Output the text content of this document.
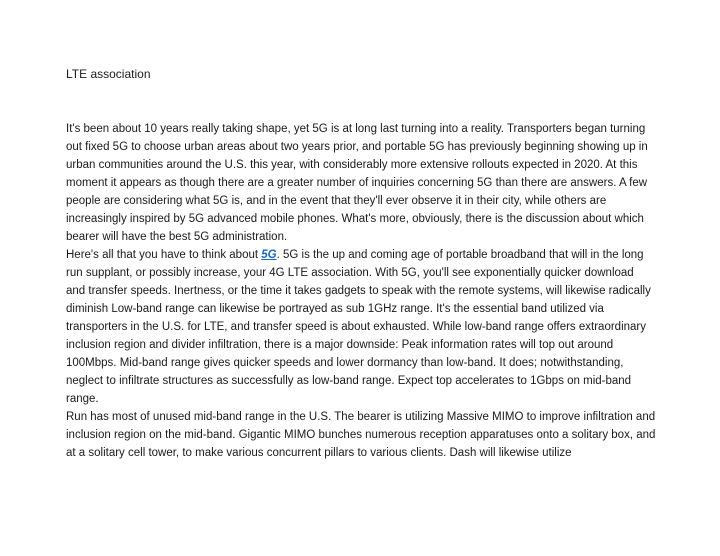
LTE association

It's been about 10 years really taking shape, yet 5G is at long last turning into a reality. Transporters began turning out fixed 5G to choose urban areas about two years prior, and portable 5G has previously beginning showing up in urban communities around the U.S. this year, with considerably more extensive rollouts expected in 2020. At this moment it appears as though there are a greater number of inquiries concerning 5G than there are answers. A few people are considering what 5G is, and in the event that they'll ever observe it in their city, while others are increasingly inspired by 5G advanced mobile phones. What's more, obviously, there is the discussion about which bearer will have the best 5G administration.

Here's all that you have to think about 5G. 5G is the up and coming age of portable broadband that will in the long run supplant, or possibly increase, your 4G LTE association. With 5G, you'll see exponentially quicker download and transfer speeds. Inertness, or the time it takes gadgets to speak with the remote systems, will likewise radically diminish Low-band range can likewise be portrayed as sub 1GHz range. It's the essential band utilized via transporters in the U.S. for LTE, and transfer speed is about exhausted. While low-band range offers extraordinary inclusion region and divider infiltration, there is a major downside: Peak information rates will top out around 100Mbps. Mid-band range gives quicker speeds and lower dormancy than low-band. It does; notwithstanding, neglect to infiltrate structures as successfully as low-band range. Expect top accelerates to 1Gbps on mid-band range.

Run has most of unused mid-band range in the U.S. The bearer is utilizing Massive MIMO to improve infiltration and inclusion region on the mid-band. Gigantic MIMO bunches numerous reception apparatuses onto a solitary box, and at a solitary cell tower, to make various concurrent pillars to various clients. Dash will likewise utilize
